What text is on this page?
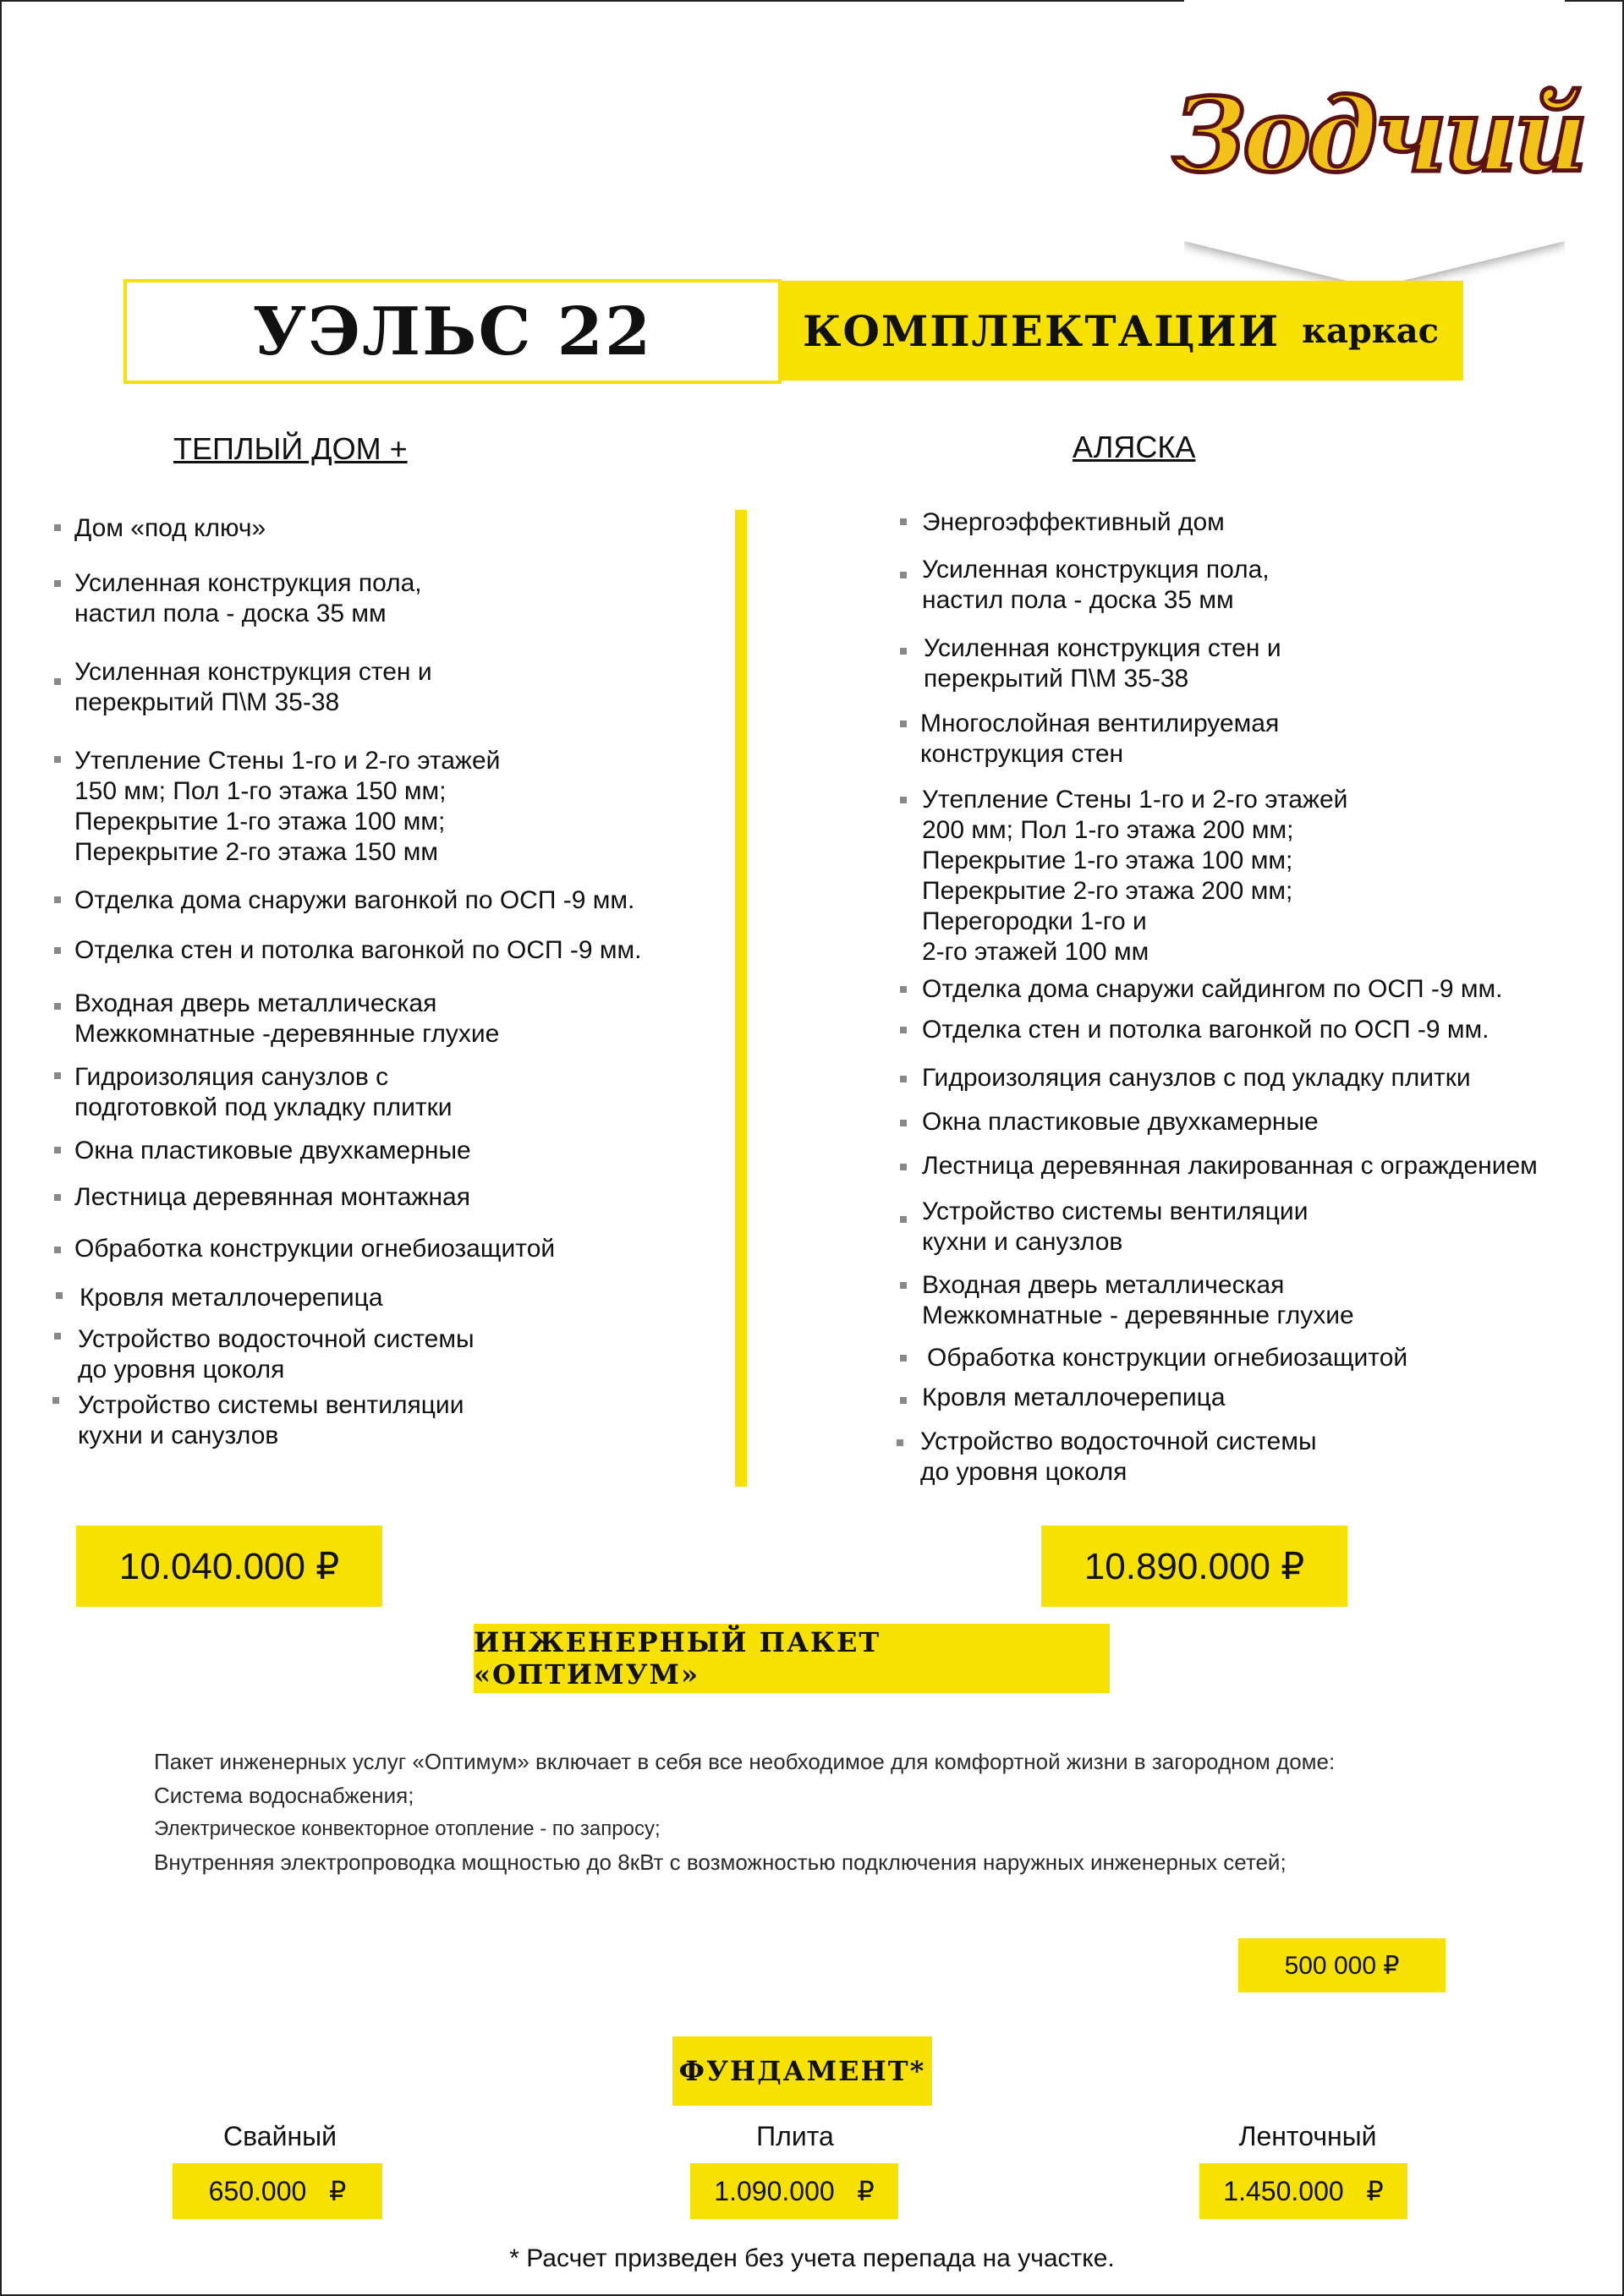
Зодчий
УЭЛЬС 22	КОМПЛЕКТАЦИИ каркас
ТЕПЛЫЙ ДОМ +	АЛЯСКА
Дом «под ключ»
Усиленная конструкция пола,
настил пола - доска 35 мм
Усиленная конструкция стен и
перекрытий П\М 35-38
Утепление Стены 1-го и 2-го этажей
150 мм; Пол 1-го этажа 150 мм;
Перекрытие 1-го этажа 100 мм;
Перекрытие 2-го этажа 150 мм
Отделка дома снаружи вагонкой по ОСП -9 мм.
Отделка стен и потолка вагонкой по ОСП -9 мм.
Входная дверь металлическая
Межкомнатные -деревянные глухие
Гидроизоляция санузлов с
подготовкой под укладку плитки
Окна пластиковые двухкамерные
Лестница деревянная монтажная
Обработка конструкции огнебиозащитой
Кровля металлочерепица
Устройство водосточной системы
до уровня цоколя
Устройство системы вентиляции
кухни и санузлов
Энергоэффективный дом
Усиленная конструкция пола,
настил пола - доска 35 мм
Усиленная конструкция стен и
перекрытий П\М 35-38
Многослойная вентилируемая
конструкция стен
Утепление Стены 1-го и 2-го этажей
200 мм; Пол 1-го этажа 200 мм;
Перекрытие 1-го этажа 100 мм;
Перекрытие 2-го этажа 200 мм;
Перегородки 1-го и
2-го этажей 100 мм
Отделка дома снаружи сайдингом по ОСП -9 мм.
Отделка стен и потолка вагонкой по ОСП -9 мм.
Гидроизоляция санузлов с под укладку плитки
Окна пластиковые двухкамерные
Лестница деревянная лакированная с ограждением
Устройство системы вентиляции
кухни и санузлов
Входная дверь металлическая
Межкомнатные - деревянные глухие
Обработка конструкции огнебиозащитой
Кровля металлочерепица
Устройство водосточной системы
до уровня цоколя
10.040.000 ₽	10.890.000 ₽
ИНЖЕНЕРНЫЙ ПАКЕТ «ОПТИМУМ»
Пакет инженерных услуг «Оптимум» включает в себя все необходимое для комфортной жизни в загородном доме:
Система водоснабжения;
Электрическое конвекторное отопление - по запросу;
Внутренняя электропроводка мощностью до 8кВт с возможностью подключения наружных инженерных сетей;
500 000 ₽
ФУНДАМЕНТ*
Свайный	Плита	Ленточный
650.000   ₽	1.090.000   ₽	1.450.000   ₽
* Расчет призведен без учета перепада на участке.
